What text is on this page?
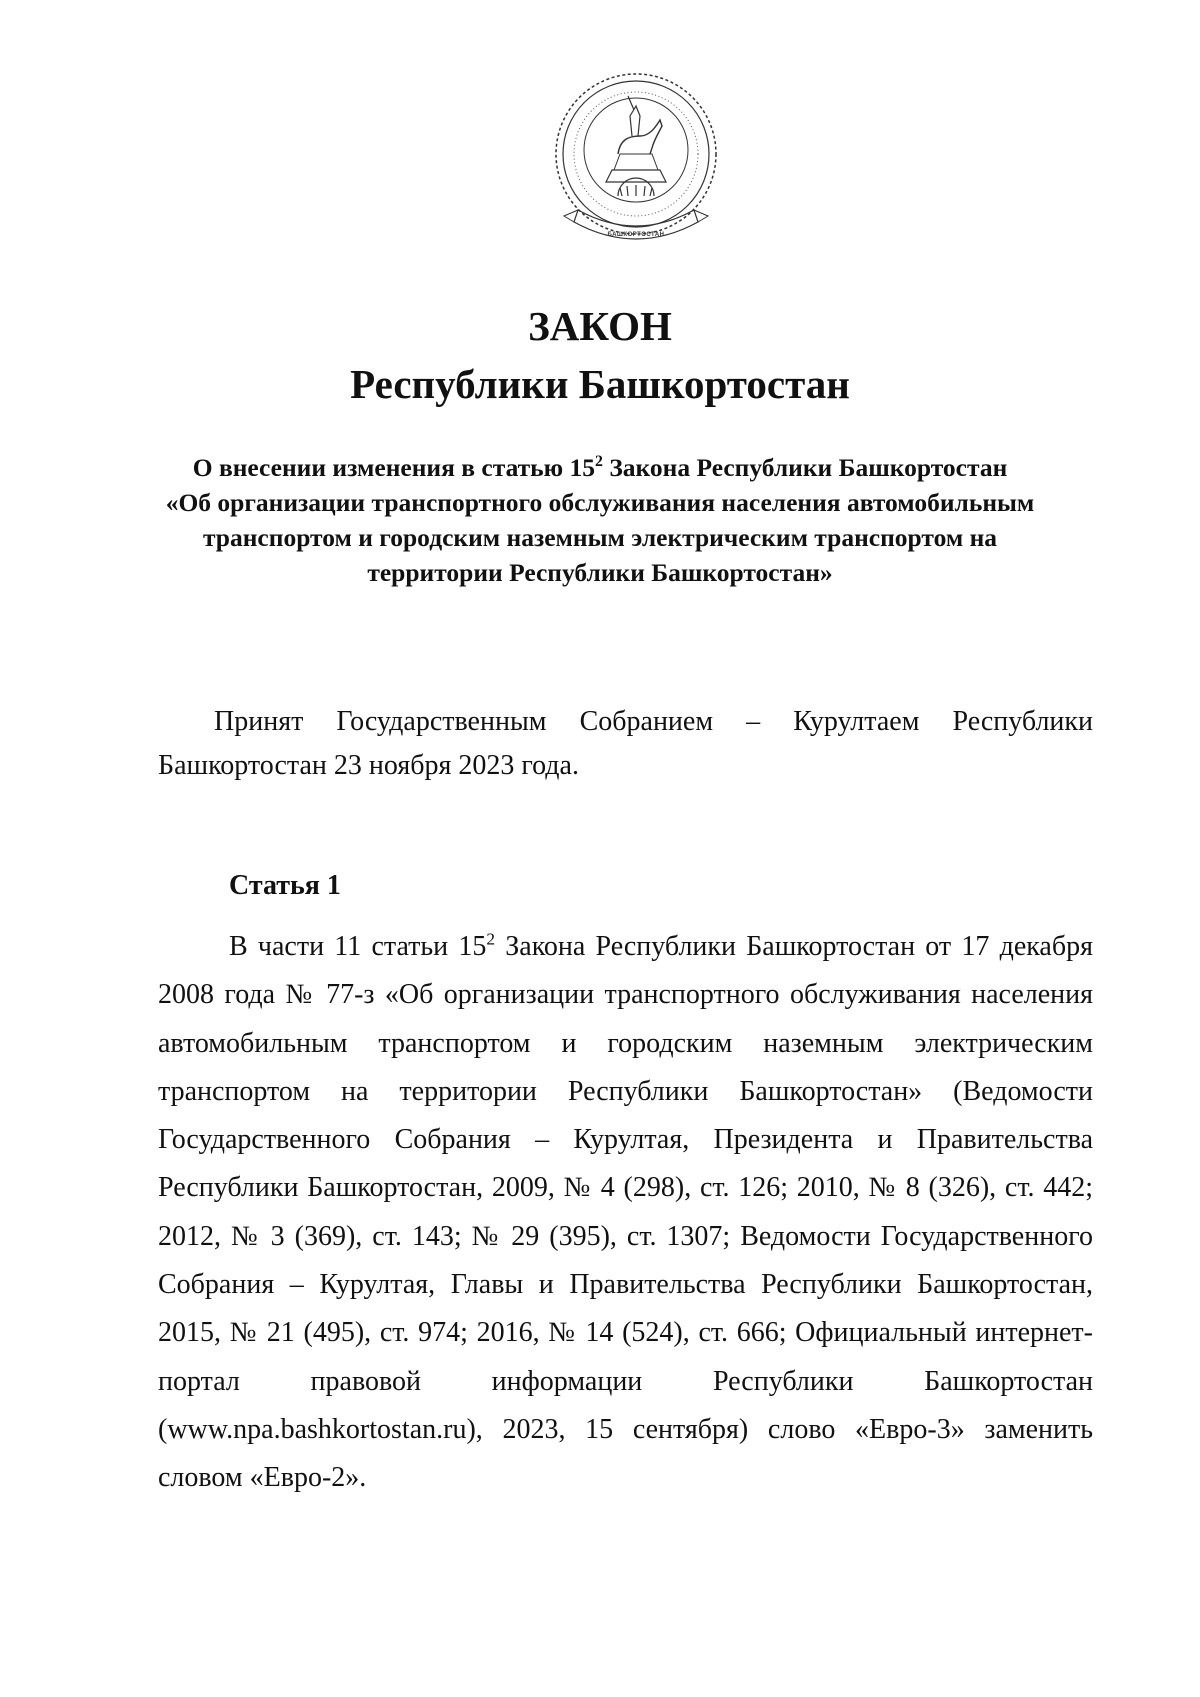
БАШКОРТОСТАН
ЗАКОН
Республики Башкортостан
О внесении изменения в статью $15^2$ Закона Республики Башкортостан
«Об организации транспортного обслуживания населения автомобильным транспортом и городским наземным электрическим транспортом на территории Республики Башкортостан»
Принят Государственным Собранием – Курултаем Республики Башкортостан 23 ноября 2023 года.
Статья 1

В части 11 статьи $15^2$ Закона Республики Башкортостан от 17 декабря 2008 года № 77-з «Об организации транспортного обслуживания населения автомобильным транспортом и городским наземным электрическим транспортом на территории Республики Башкортостан» (Ведомости Государственного Собрания – Курултая, Президента и Правительства Республики Башкортостан, 2009, № 4 (298), ст. 126; 2010, № 8 (326), ст. 442; 2012, № 3 (369), ст. 143; № 29 (395), ст. 1307; Ведомости Государственного Собрания – Курултая, Главы и Правительства Республики Башкортостан, 2015, № 21 (495), ст. 974; 2016, № 14 (524), ст. 666; Официальный интернет-портал правовой информации Республики Башкортостан (www.npa.bashkortostan.ru), 2023, 15 сентября) слово «Евро-3» заменить словом «Евро-2».
